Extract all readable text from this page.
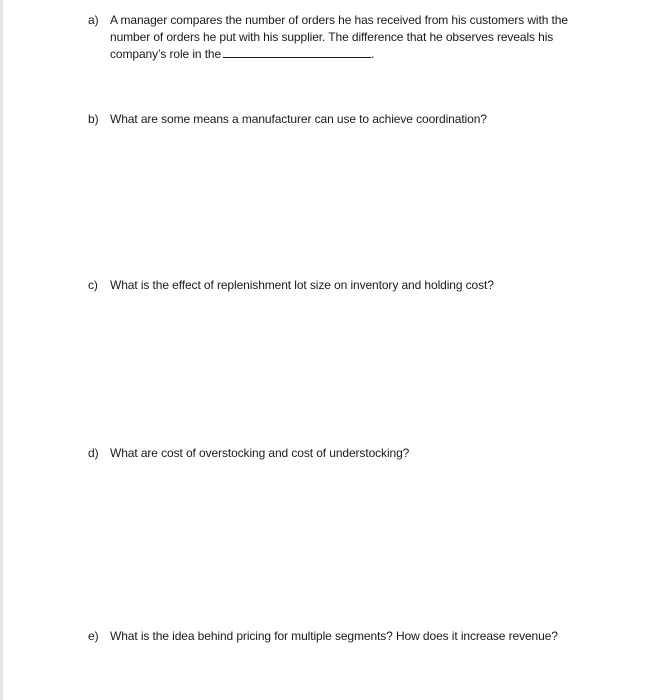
a) A manager compares the number of orders he has received from his customers with the number of orders he put with his supplier. The difference that he observes reveals his company’s role in the	.
b) What are some means a manufacturer can use to achieve coordination?
c)	What is the effect of replenishment lot size on inventory and holding cost?
d) What are cost of overstocking and cost of understocking?
e) What is the idea behind pricing for multiple segments? How does it increase revenue?
